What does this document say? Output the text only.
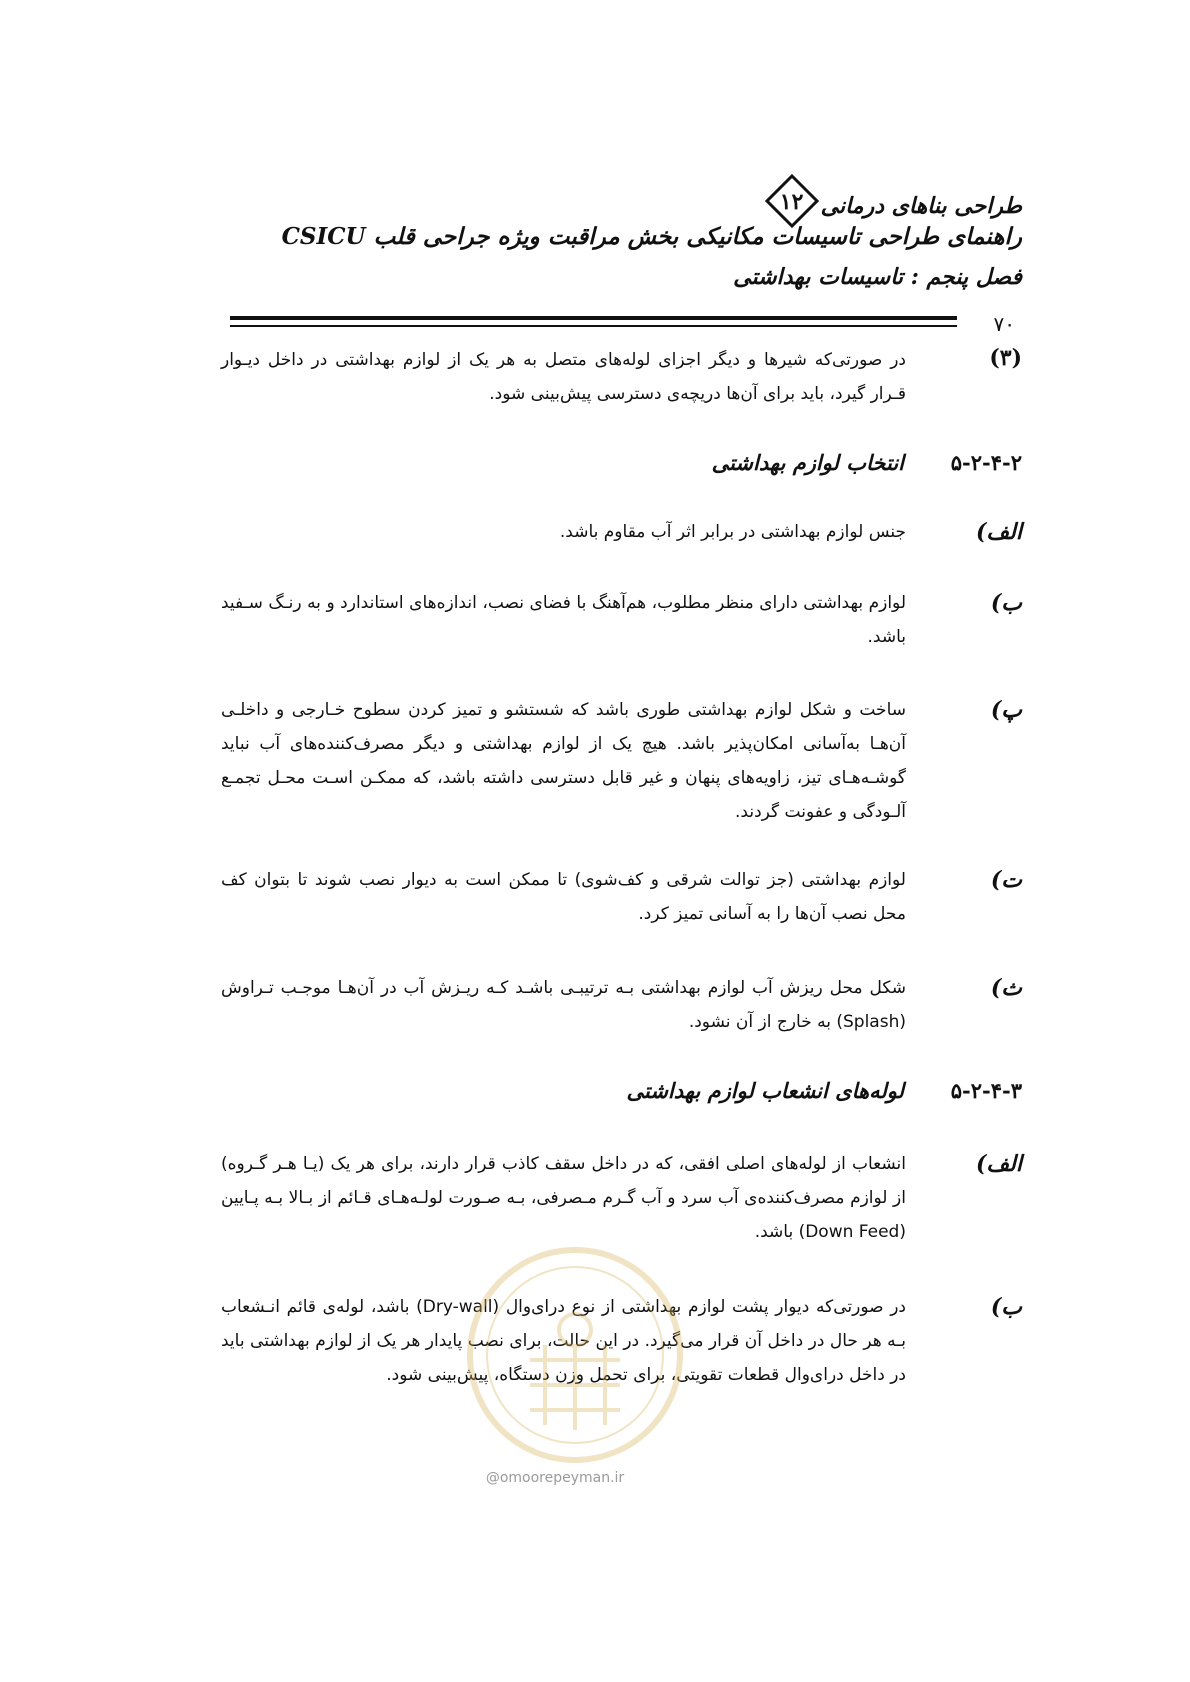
طراحی بناهای درمانی
۱۲
راهنمای طراحی تاسیسات مکانیکی بخش مراقبت ویژه جراحی قلب CSICU
فصل پنجم : تاسیسات بهداشتی
۷۰
(۳)
در صورتی‌که شیرها و دیگر اجزای لوله‌های متصل به هر یک از لوازم بهداشتی در داخل دیـوار قـرار گیرد، باید برای آن‌ها دریچه‌ی دسترسی پیش‌بینی شود.
۵-۲-۴-۲انتخاب لوازم بهداشتی
الف)
جنس لوازم بهداشتی در برابر اثر آب مقاوم باشد.
ب)
لوازم بهداشتی دارای منظر مطلوب، هم‌آهنگ با فضای نصب، اندازه‌های استاندارد و به رنـگ سـفید باشد.
پ)
ساخت و شکل لوازم بهداشتی طوری باشد که شستشو و تمیز کردن سطوح خـارجی و داخلـی آن‌هـا به‌آسانی امکان‌پذیر باشد. هیچ یک از لوازم بهداشتی و دیگر مصرف‌کننده‌های آب نباید گوشـه‌هـای تیز، زاویه‌های پنهان و غیر قابل دسترسی داشته باشد، که ممکـن اسـت محـل تجمـع آلـودگی و عفونت گردند.
ت)
لوازم بهداشتی (جز توالت شرقی و کف‌شوی) تا ممکن است به دیوار نصب شوند تا بتوان کف محل نصب آن‌ها را به آسانی تمیز کرد.
ث)
شکل محل ریزش آب لوازم بهداشتی بـه ترتیبـی باشـد کـه ریـزش آب در آن‌هـا موجـب تـراوش (Splash) به خارج از آن نشود.
۵-۲-۴-۳لوله‌های انشعاب لوازم بهداشتی
الف)
انشعاب از لوله‌های اصلی افقی، که در داخل سقف کاذب قرار دارند، برای هر یک (یـا هـر گـروه) از لوازم مصرف‌کننده‌ی آب سرد و آب گـرم مـصرفی، بـه صـورت لولـه‌هـای قـائم از بـالا بـه پـایین (Down Feed) باشد.
ب)
در صورتی‌که دیوار پشت لوازم بهداشتی از نوع درای‌وال (Dry-wall) باشد، لوله‌ی قائم انـشعاب بـه هر حال در داخل آن قرار می‌گیرد. در این حالت، برای نصب پایدار هر یک از لوازم بهداشتی باید در داخل درای‌وال قطعات تقویتی، برای تحمل وزن دستگاه، پیش‌بینی شود.
@omoorepeyman.ir
